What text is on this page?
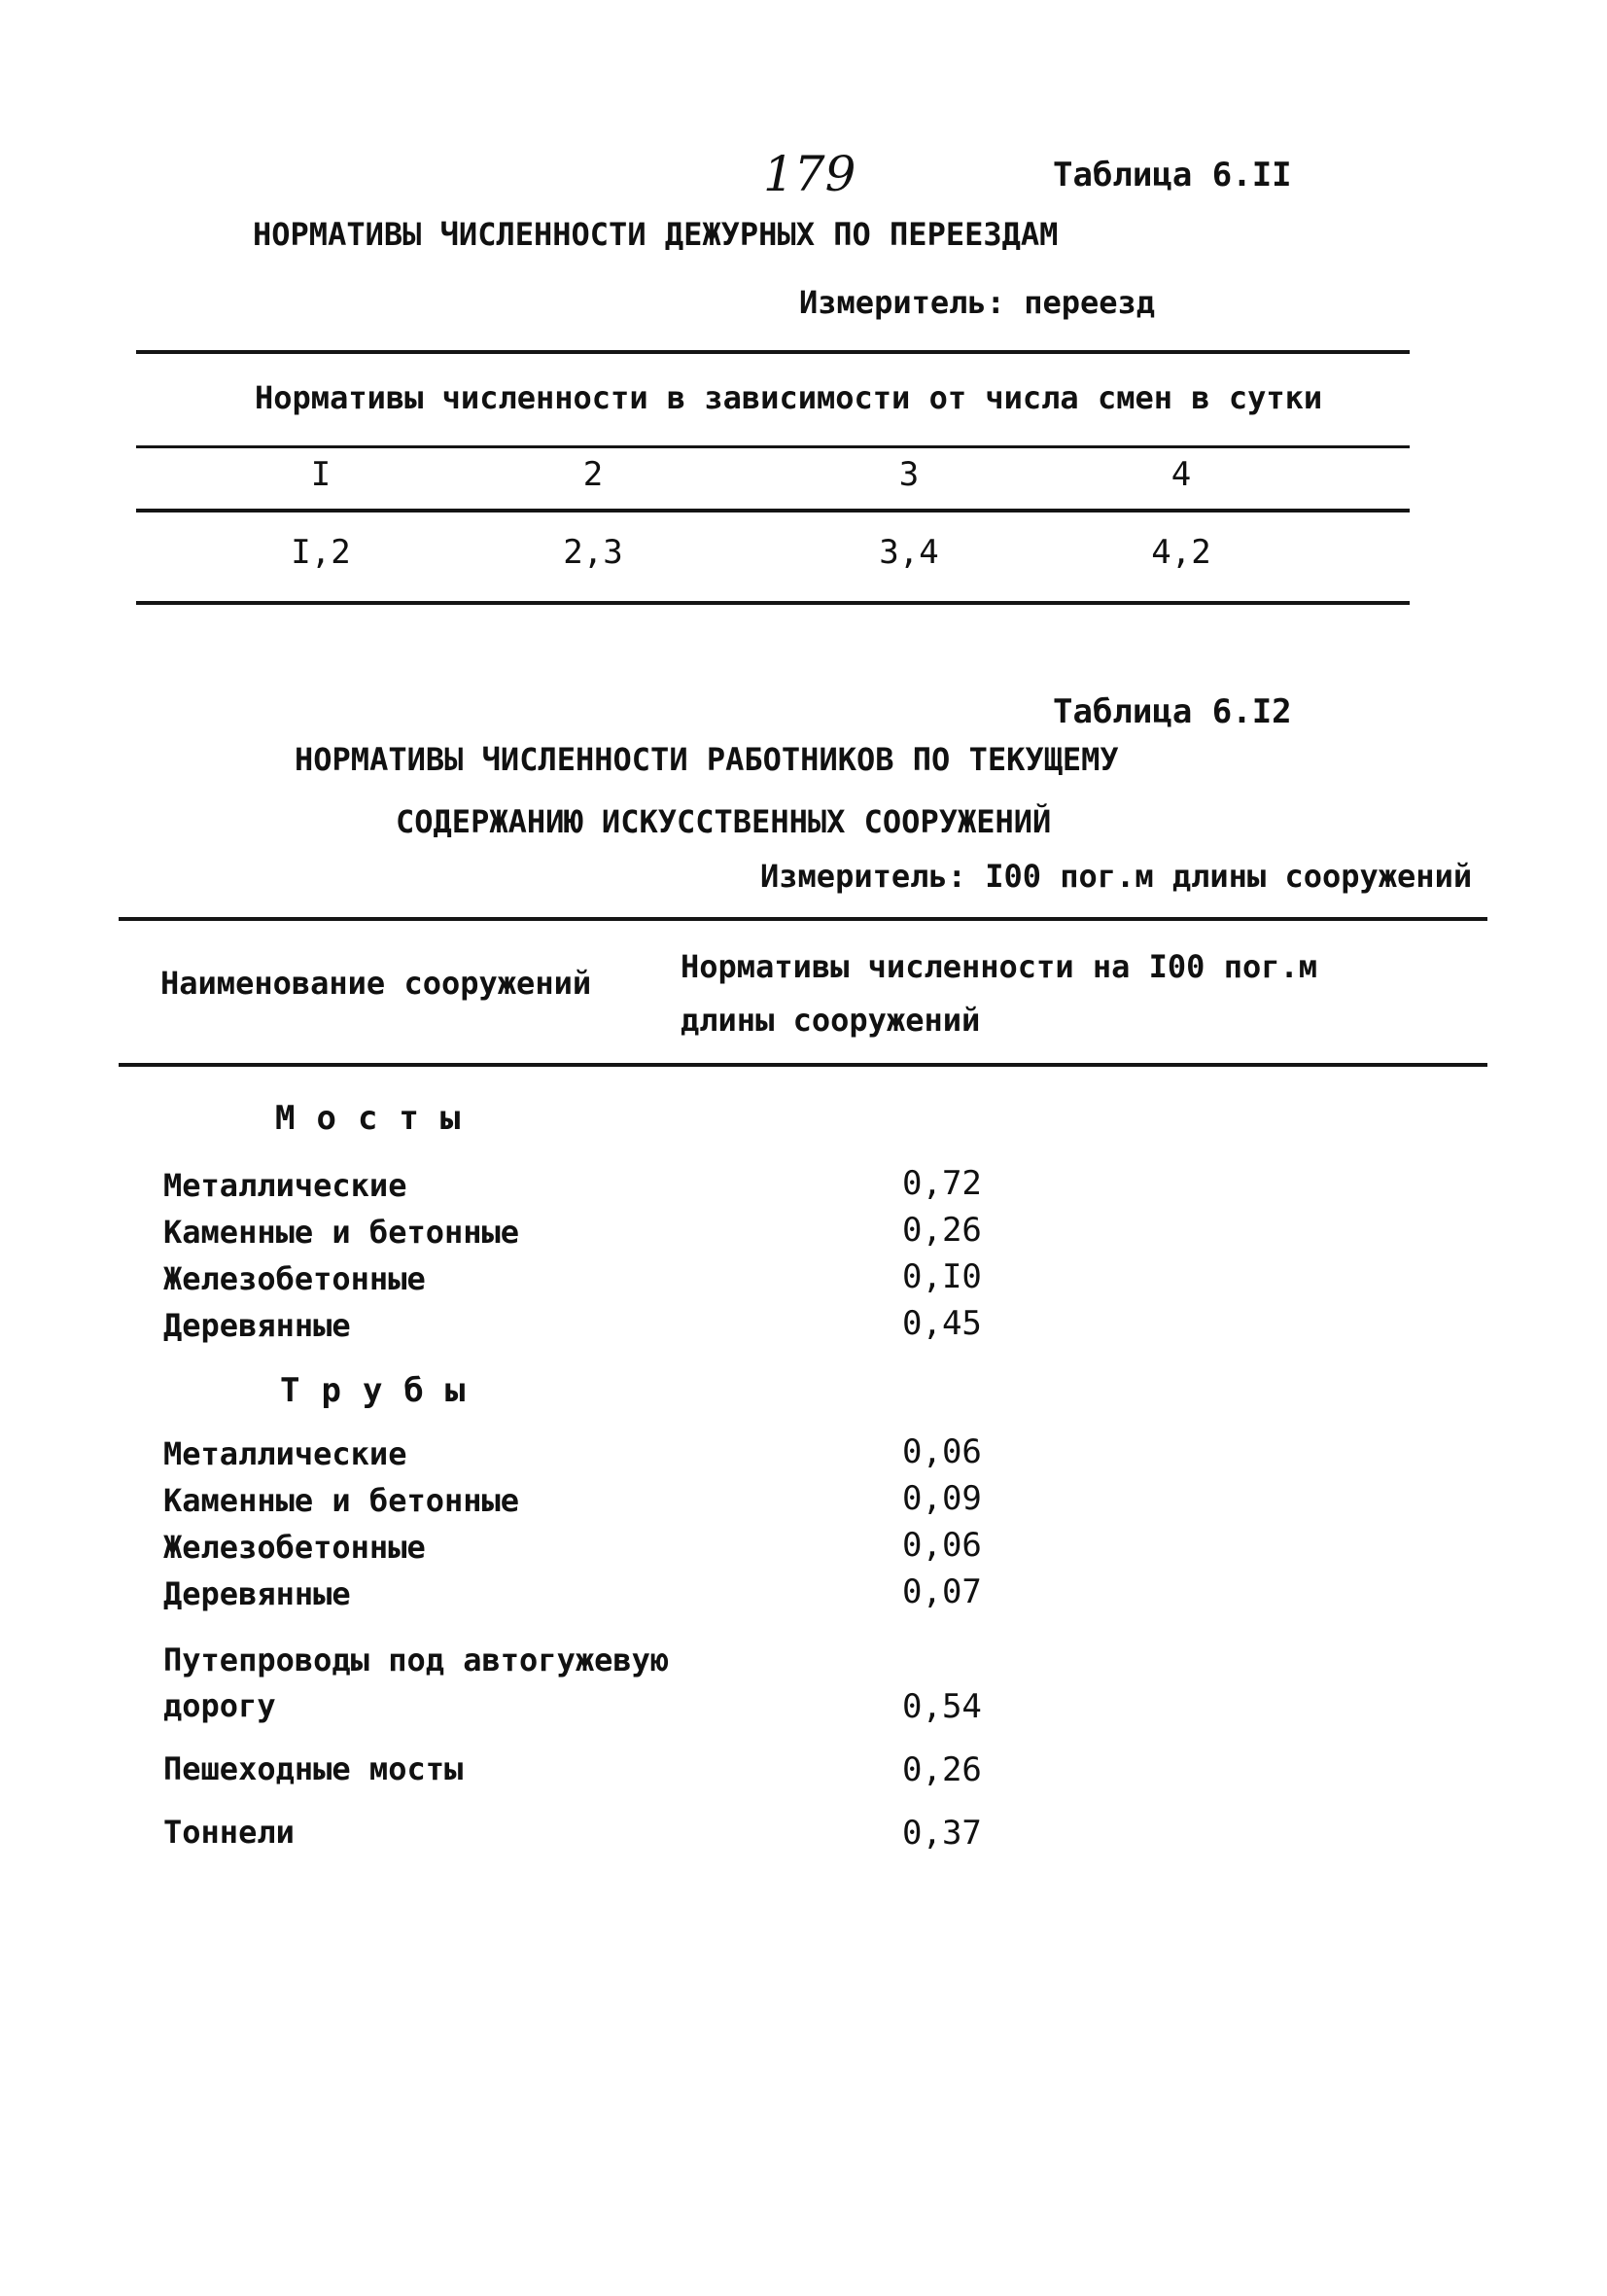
179	Таблица 6.II
НОРМАТИВЫ ЧИСЛЕННОСТИ ДЕЖУРНЫХ ПО ПЕРЕЕЗДАМ
Измеритель: переезд
Нормативы численности в зависимости от числа смен в сутки
I	2	3	4
I,2	2,3	3,4	4,2
Таблица 6.I2
НОРМАТИВЫ ЧИСЛЕННОСТИ РАБОТНИКОВ ПО ТЕКУЩЕМУ
СОДЕРЖАНИЮ ИСКУССТВЕННЫХ СООРУЖЕНИЙ
Измеритель: I00 пог.м длины сооружений
Наименование сооружений	Нормативы численности на I00 пог.м
длины сооружений
Мосты
Металлические	0,72
Каменные и бетонные	0,26
Железобетонные	0,I0
Деревянные	0,45
Трубы
Металлические	0,06
Каменные и бетонные	0,09
Железобетонные	0,06
Деревянные	0,07
Путепроводы под автогужевую
дорогу	0,54
Пешеходные мосты	0,26
Тоннели	0,37
